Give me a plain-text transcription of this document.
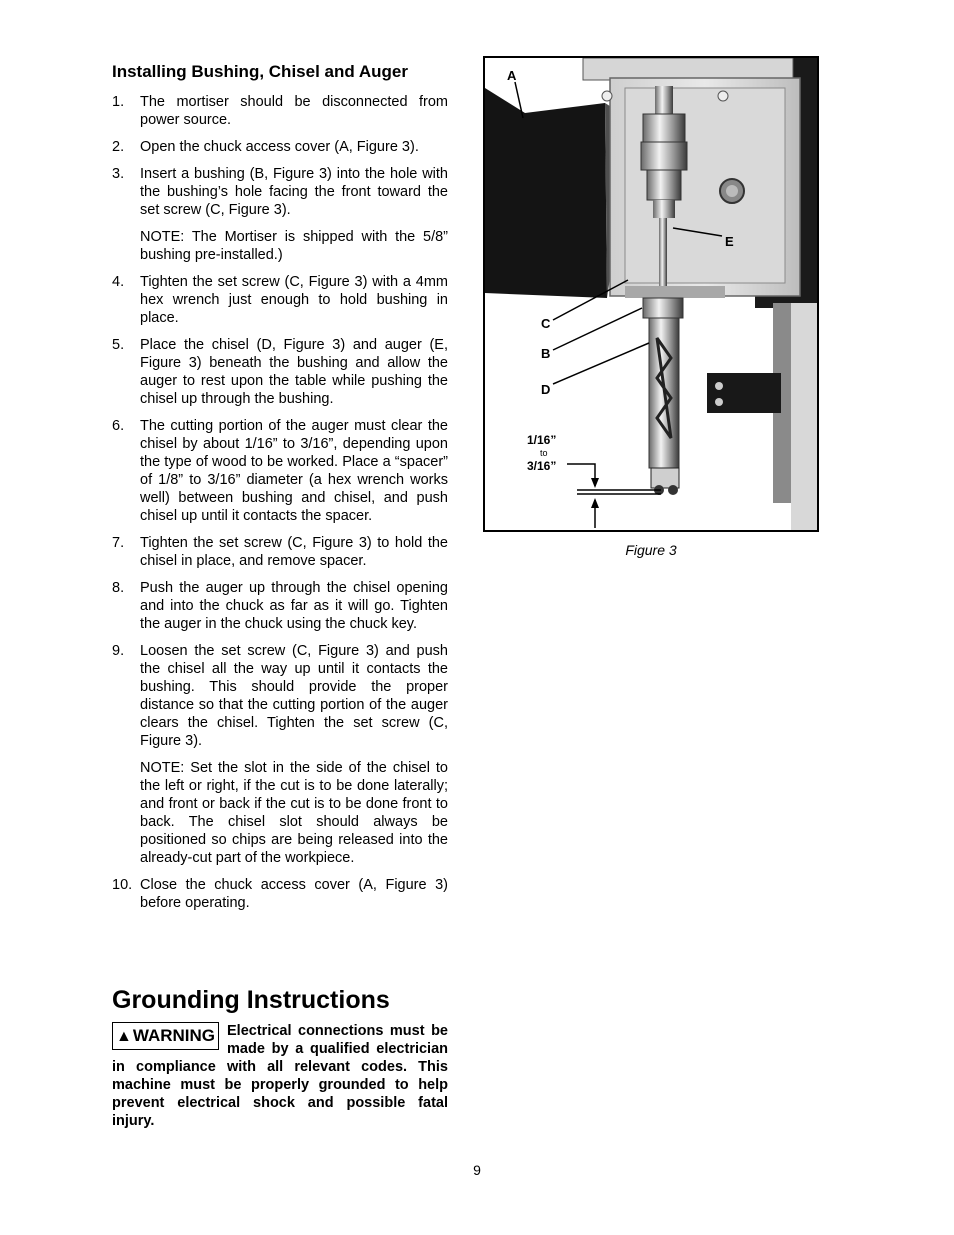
Installing Bushing, Chisel and Auger
1. The mortiser should be disconnected from power source.
2. Open the chuck access cover (A, Figure 3).
3. Insert a bushing (B, Figure 3) into the hole with the bushing’s hole facing the front toward the set screw (C, Figure 3).
NOTE: The Mortiser is shipped with the 5/8” bushing pre-installed.)
4. Tighten the set screw (C, Figure 3) with a 4mm hex wrench just enough to hold bushing in place.
5. Place the chisel (D, Figure 3) and auger (E, Figure 3) beneath the bushing and allow the auger to rest upon the table while pushing the chisel up through the bushing.
6. The cutting portion of the auger must clear the chisel by about 1/16” to 3/16”, depending upon the type of wood to be worked. Place a “spacer” of 1/8” to 3/16” diameter (a hex wrench works well) between bushing and chisel, and push chisel up until it contacts the spacer.
7. Tighten the set screw (C, Figure 3) to hold the chisel in place, and remove spacer.
8. Push the auger up through the chisel opening and into the chuck as far as it will go. Tighten the auger in the chuck using the chuck key.
9. Loosen the set screw (C, Figure 3) and push the chisel all the way up until it contacts the bushing. This should provide the proper distance so that the cutting portion of the auger clears the chisel. Tighten the set screw (C, Figure 3).
NOTE: Set the slot in the side of the chisel to the left or right, if the cut is to be done laterally; and front or back if the cut is to be done front to back. The chisel slot should always be positioned so chips are being released into the already-cut part of the workpiece.
10. Close the chuck access cover (A, Figure 3) before operating.
Grounding Instructions
▲WARNING Electrical connections must be made by a qualified electrician in compliance with all relevant codes. This machine must be properly grounded to help prevent electrical shock and possible fatal injury.
A
E
C
B
D
1/16”
to
3/16”
Figure 3
9
